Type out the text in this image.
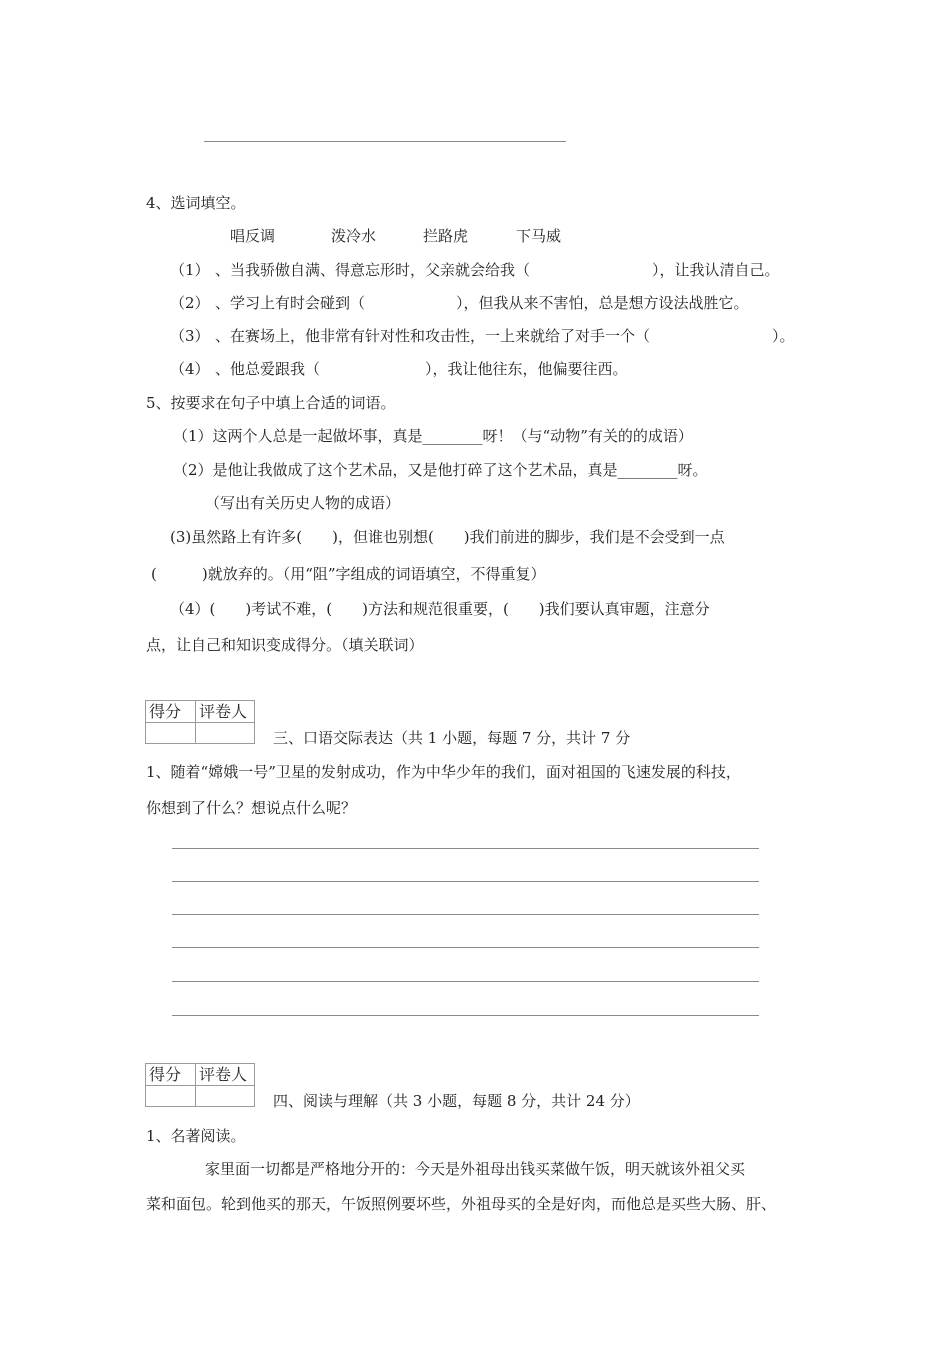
4、选词填空。
唱反调	泼冷水	拦路虎	下马威
（1） 、当我骄傲自满、得意忘形时，父亲就会给我（	），让我认清自己。
（2） 、学习上有时会碰到（	），但我从来不害怕，总是想方设法战胜它。
（3） 、在赛场上，他非常有针对性和攻击性，一上来就给了对手一个（	）。
（4） 、他总爱跟我（	），我让他往东，他偏要往西。
5、按要求在句子中填上合适的词语。
（1）这两个人总是一起做坏事，真是________呀！（与“动物”有关的的成语）
（2）是他让我做成了这个艺术品，又是他打碎了这个艺术品，真是________呀。
（写出有关历史人物的成语）
(3)虽然路上有许多(　　)，但谁也别想(　　)我们前进的脚步，我们是不会受到一点
(　　　)就放弃的。（用“阻”字组成的词语填空，不得重复）
（4）(　　)考试不难，(　　)方法和规范很重要，(　　)我们要认真审题，注意分
点，让自己和知识变成得分。（填关联词）
得分 评卷人
三、口语交际表达（共 1 小题，每题 7 分，共计 7 分
1、随着“嫦娥一号”卫星的发射成功，作为中华少年的我们，面对祖国的飞速发展的科技，
你想到了什么？想说点什么呢？
得分 评卷人
四、阅读与理解（共 3 小题，每题 8 分，共计 24 分）
1、名著阅读。
家里面一切都是严格地分开的：今天是外祖母出钱买菜做午饭，明天就该外祖父买
菜和面包。轮到他买的那天，午饭照例要坏些，外祖母买的全是好肉，而他总是买些大肠、肝、
